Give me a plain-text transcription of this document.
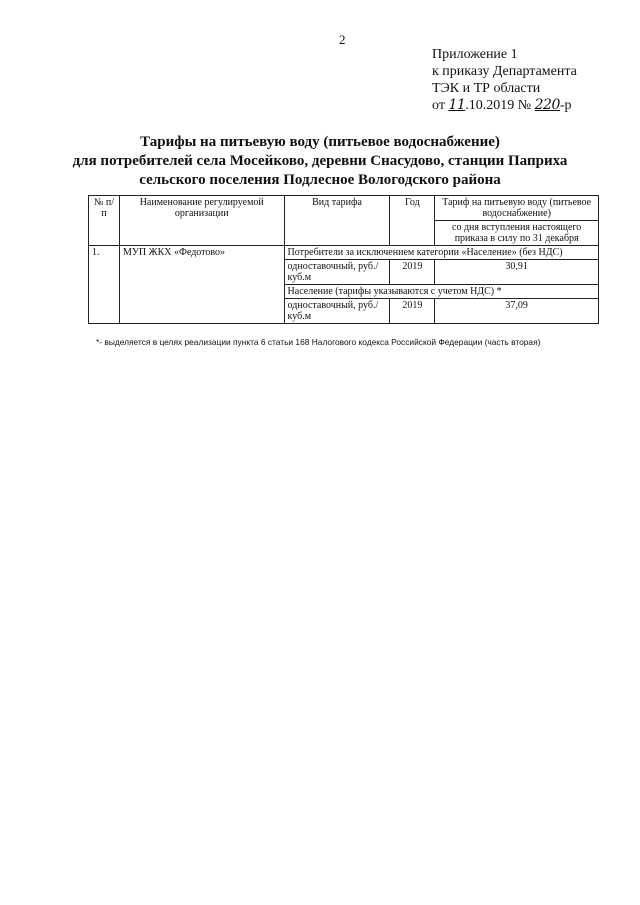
2
Приложение 1
к приказу Департамента
ТЭК и ТР области
от 11.10.2019 № 220-р
Тарифы на питьевую воду (питьевое водоснабжение)
для потребителей села Мосейково, деревни Снасудово, станции Паприха
сельского поселения Подлесное Вологодского района
№ п/п	Наименование регулируемой организации	Вид тарифа	Год	Тариф на питьевую воду (питьевое водоснабжение)
				со дня вступления настоящего приказа в силу по 31 декабря
1.	МУП ЖКХ «Федотово»	Потребители за исключением категории «Население» (без НДС)		
		одноставочный, руб./куб.м	2019	30,91
		Население (тарифы указываются с учетом НДС) *		
		одноставочный, руб./куб.м	2019	37,09
*- выделяется в целях реализации пункта 6 статьи 168 Налогового кодекса Российской Федерации (часть вторая)
